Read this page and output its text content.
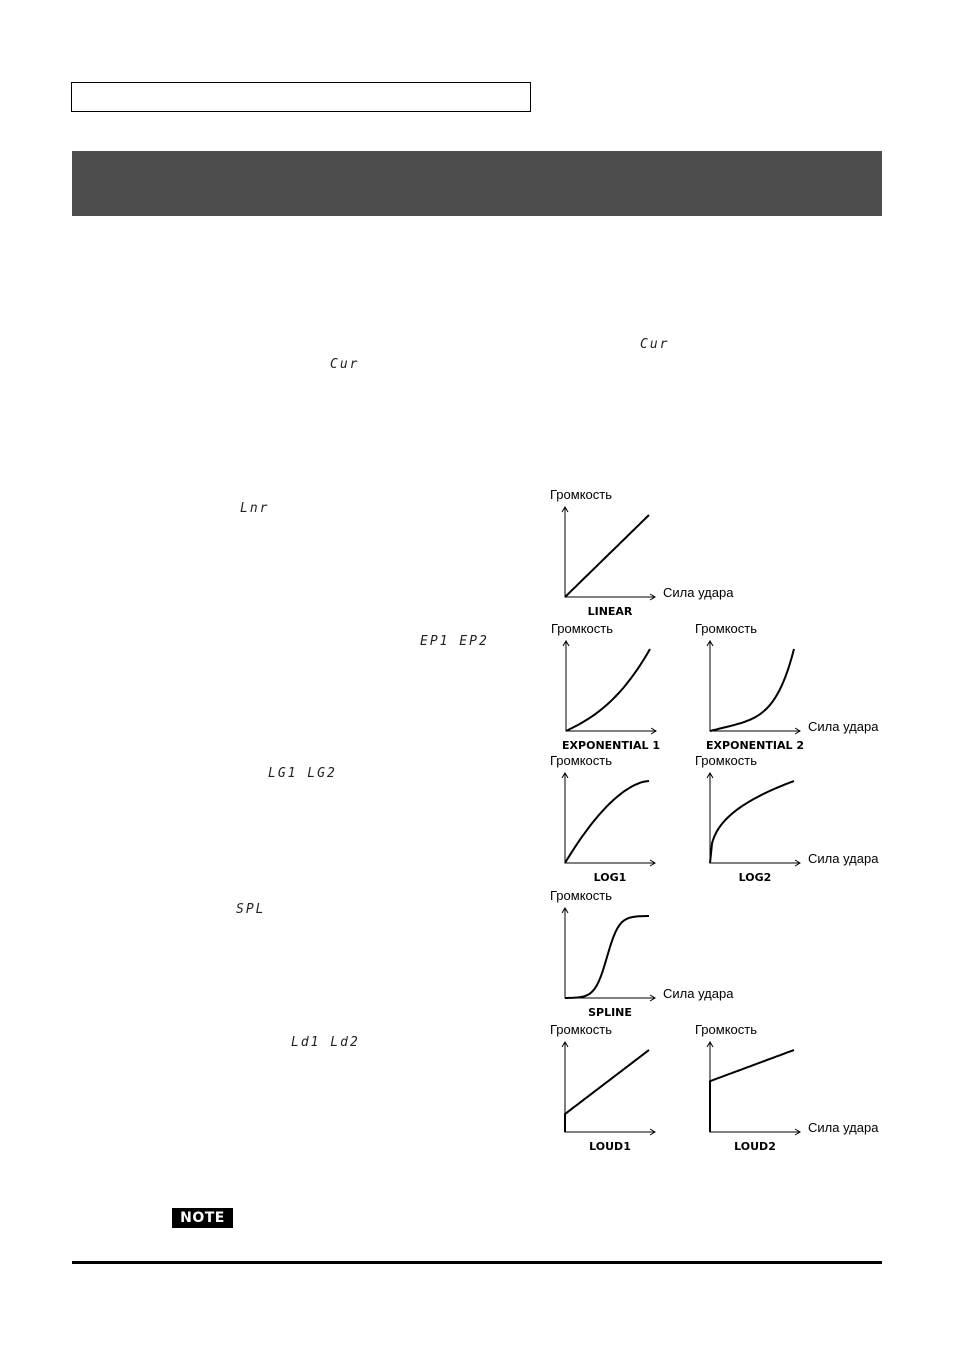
Cur
Cur
Lnr
EP1 EP2
LG1 LG2
SPL
Ld1 Ld2
Громкость
Сила удара
LINEAR
Громкость
EXPONENTIAL 1
Громкость
Сила удара
EXPONENTIAL 2
Громкость
LOG1
Громкость
Сила удара
LOG2
Громкость
Сила удара
SPLINE
Громкость
LOUD1
Громкость
Сила удара
LOUD2
NOTE
